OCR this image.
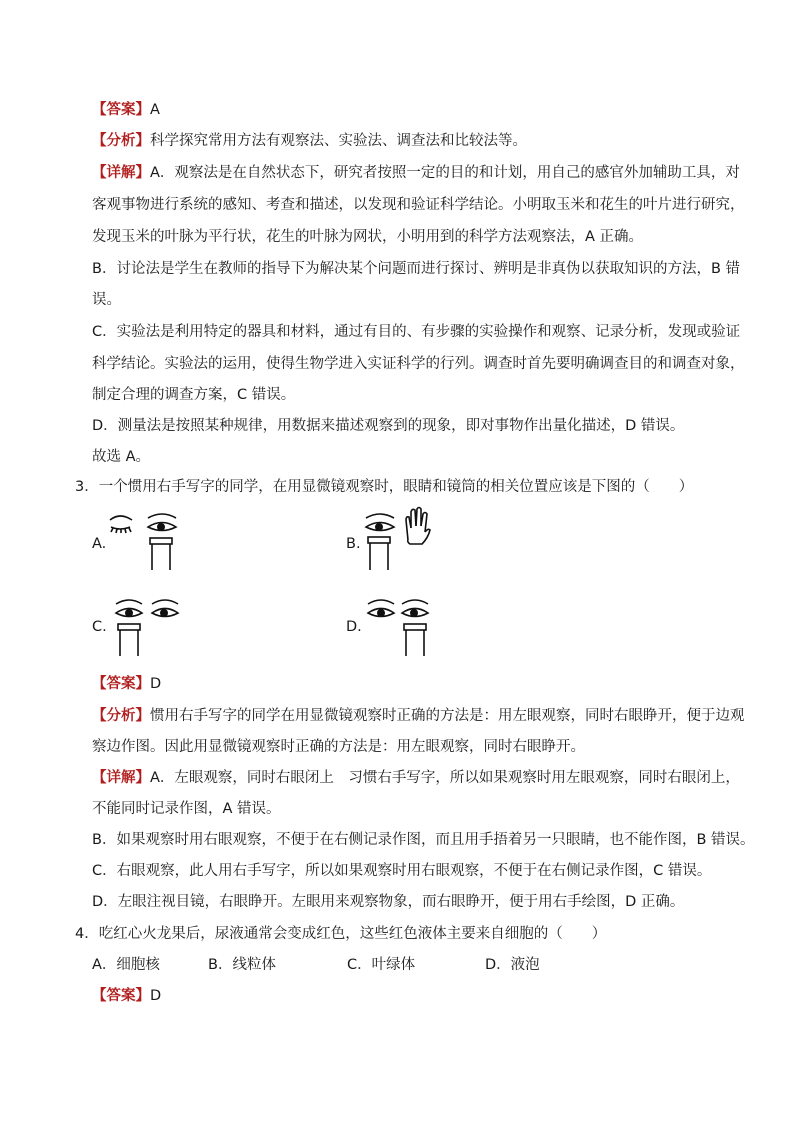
【答案】A
【分析】科学探究常用方法有观察法、实验法、调查法和比较法等。
【详解】A．观察法是在自然状态下，研究者按照一定的目的和计划，用自己的感官外加辅助工具，对
客观事物进行系统的感知、考查和描述，以发现和验证科学结论。小明取玉米和花生的叶片进行研究，
发现玉米的叶脉为平行状，花生的叶脉为网状，小明用到的科学方法观察法，A 正确。
B．讨论法是学生在教师的指导下为解决某个问题而进行探讨、辨明是非真伪以获取知识的方法，B 错
误。
C．实验法是利用特定的器具和材料，通过有目的、有步骤的实验操作和观察、记录分析，发现或验证
科学结论。实验法的运用，使得生物学进入实证科学的行列。调查时首先要明确调查目的和调查对象，
制定合理的调查方案，C 错误。
D．测量法是按照某种规律，用数据来描述观察到的现象，即对事物作出量化描述，D 错误。
故选 A。
3．一个惯用右手写字的同学，在用显微镜观察时，眼睛和镜筒的相关位置应该是下图的（　　）
A.	B.
C.	D.
【答案】D
【分析】惯用右手写字的同学在用显微镜观察时正确的方法是：用左眼观察，同时右眼睁开，便于边观
察边作图。因此用显微镜观察时正确的方法是：用左眼观察，同时右眼睁开。
【详解】A．左眼观察，同时右眼闭上　习惯右手写字，所以如果观察时用左眼观察，同时右眼闭上，
不能同时记录作图，A 错误。
B．如果观察时用右眼观察，不便于在右侧记录作图，而且用手捂着另一只眼睛，也不能作图，B 错误。
C．右眼观察，此人用右手写字，所以如果观察时用右眼观察，不便于在右侧记录作图，C 错误。
D．左眼注视目镜，右眼睁开。左眼用来观察物象，而右眼睁开，便于用右手绘图，D 正确。
4．吃红心火龙果后，尿液通常会变成红色，这些红色液体主要来自细胞的（　　）
A．细胞核	B．线粒体	C．叶绿体	D．液泡
【答案】D
